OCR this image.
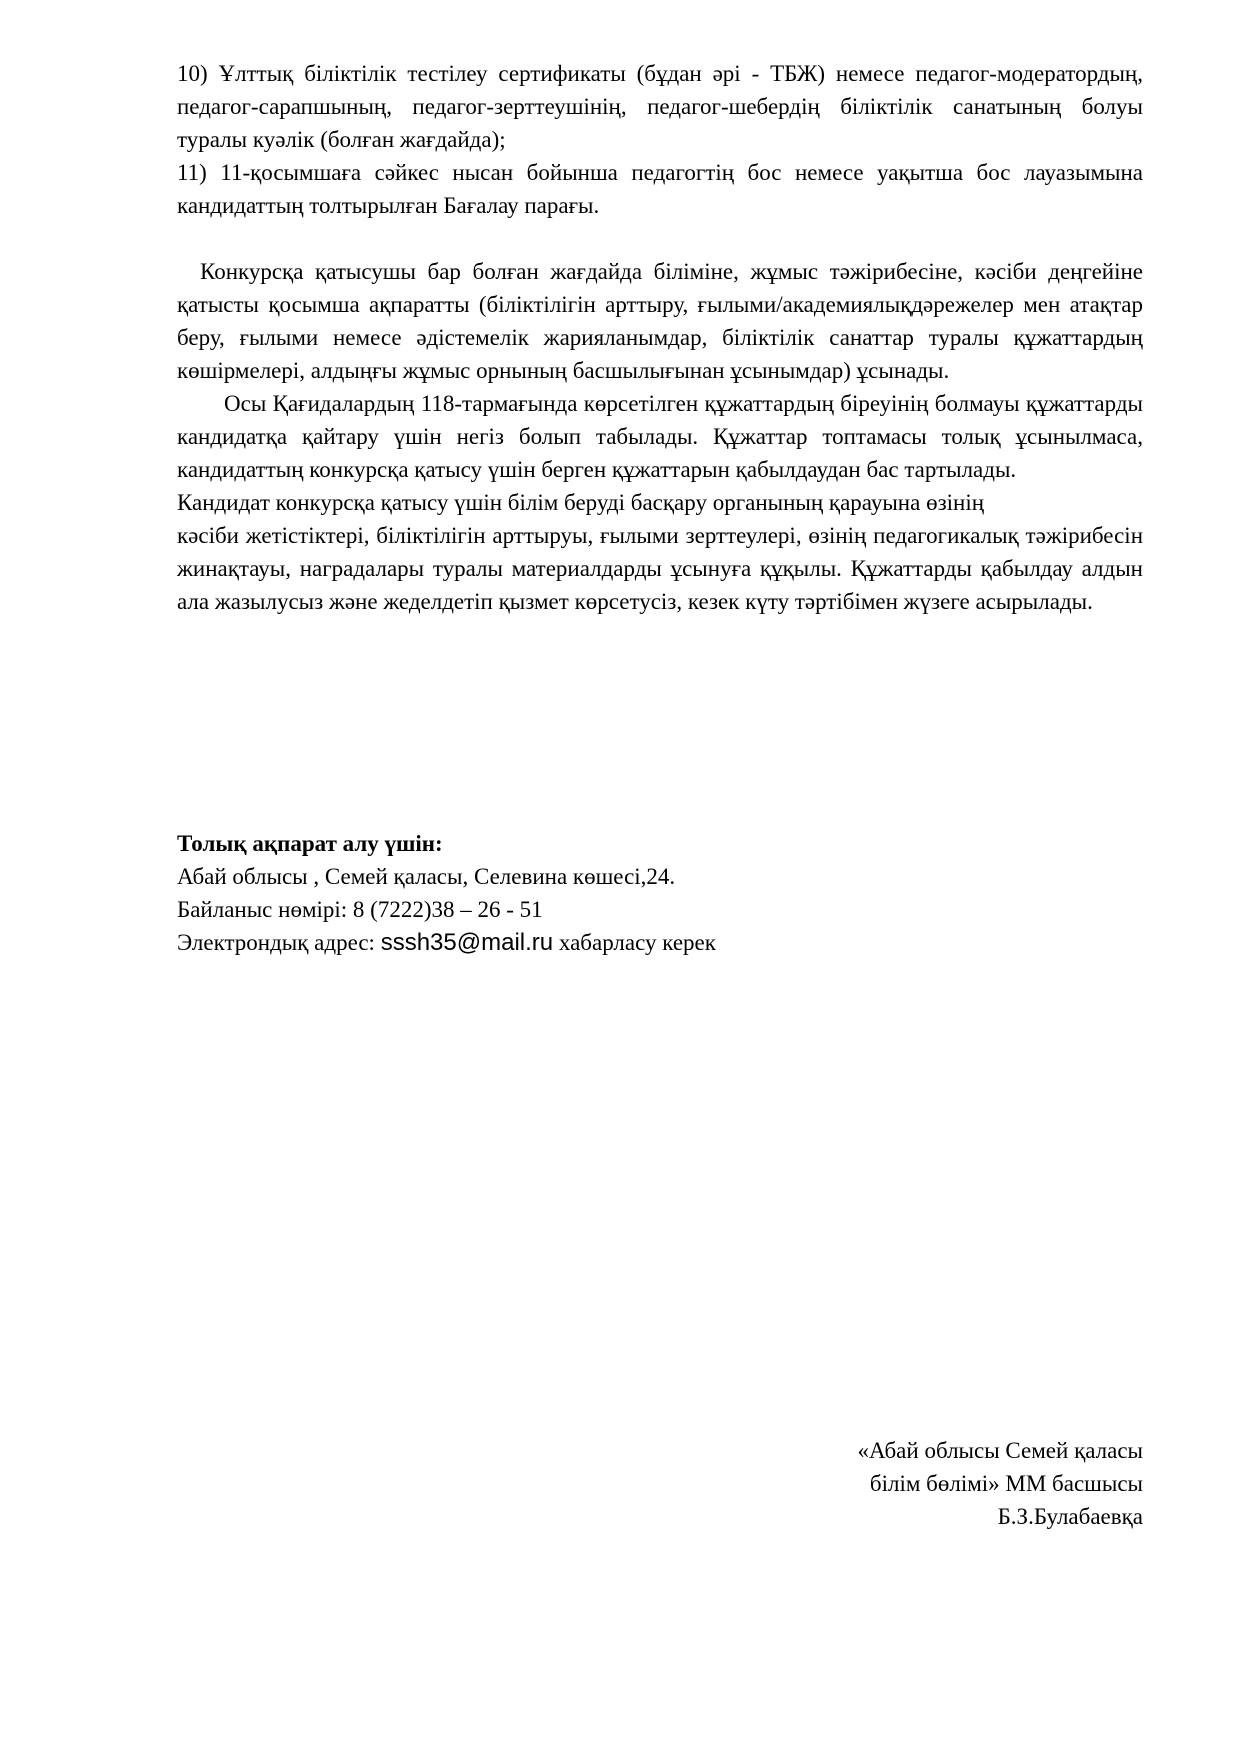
10) Ұлттық біліктілік тестілеу сертификаты (бұдан әрі - ТБЖ) немесе педагог-модератордың, педагог-сарапшының, педагог-зерттеушінің, педагог-шебердің біліктілік санатының болуы туралы куәлік (болған жағдайда);

11) 11-қосымшаға сәйкес нысан бойынша педагогтің бос немесе уақытша бос лауазымына кандидаттың толтырылған Бағалау парағы.

Конкурсқа қатысушы бар болған жағдайда біліміне, жұмыс тәжірибесіне, кәсіби деңгейіне қатысты қосымша ақпаратты (біліктілігін арттыру, ғылыми/академиялықдәрежелер мен атақтар беру, ғылыми немесе әдістемелік жарияланымдар, біліктілік санаттар туралы құжаттардың көшірмелері, алдыңғы жұмыс орнының басшылығынан ұсынымдар) ұсынады.

Осы Қағидалардың 118-тармағында көрсетілген құжаттардың біреуінің болмауы құжаттарды кандидатқа қайтару үшін негіз болып табылады. Құжаттар топтамасы толық ұсынылмаса, кандидаттың конкурсқа қатысу үшін берген құжаттарын қабылдаудан бас тартылады.

Кандидат конкурсқа қатысу үшін білім беруді басқару органының қарауына өзінің

кәсіби жетістіктері, біліктілігін арттыруы, ғылыми зерттеулері, өзінің педагогикалық тәжірибесін жинақтауы, наградалары туралы материалдарды ұсынуға құқылы. Құжаттарды қабылдау алдын ала жазылусыз және жеделдетіп қызмет көрсетусіз, кезек күту тәртібімен жүзеге асырылады.

Толық ақпарат алу үшін:

Абай облысы , Семей қаласы, Селевина көшесі,24.

Байланыс нөмірі: 8 (7222)38 – 26 - 51

Электрондық адрес: sssh35@mail.ru хабарласу керек

«Абай облысы Семей қаласы

білім бөлімі» ММ басшысы

Б.З.Булабаевқа
